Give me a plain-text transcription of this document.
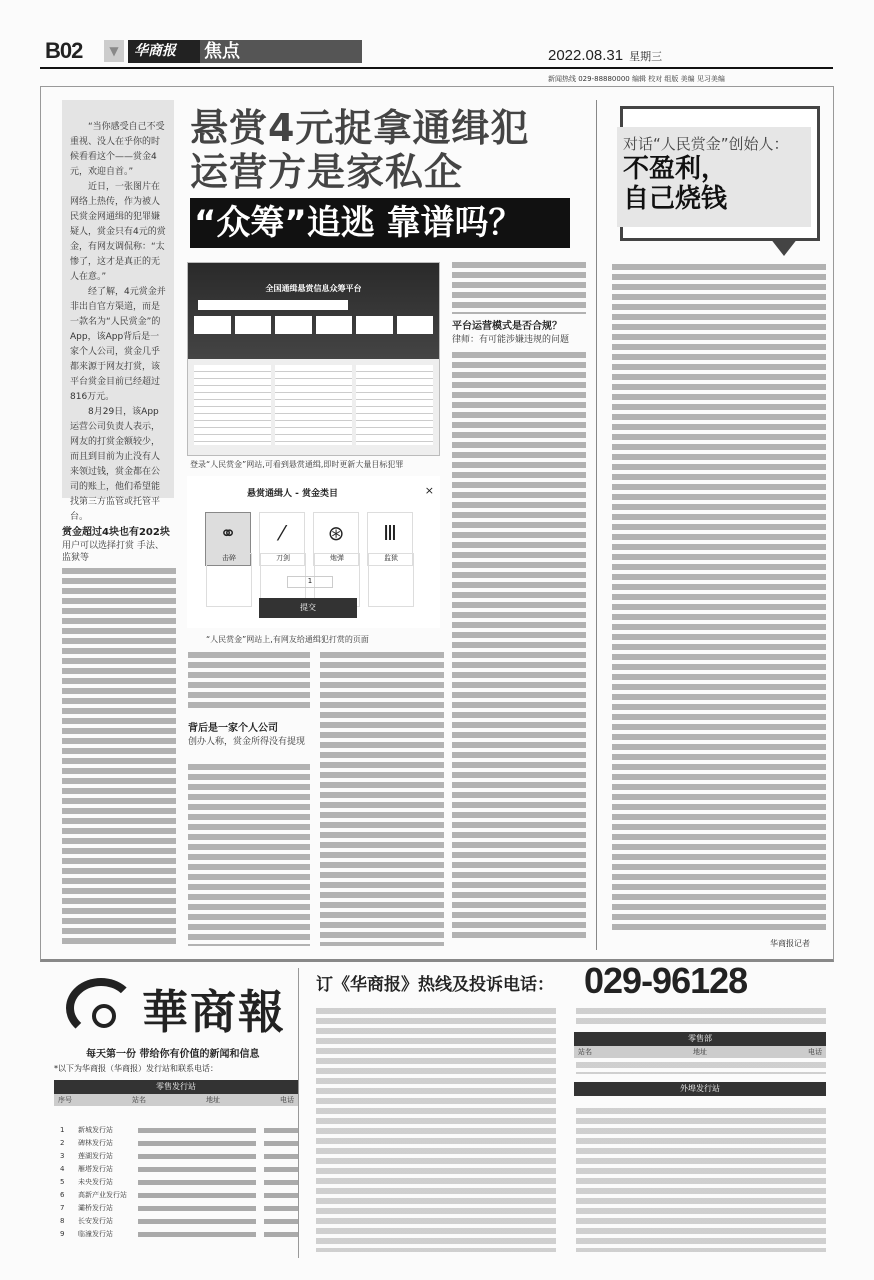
B02	▼	华商报	焦点	2022.08.31 星期三
新闻热线 029-88880000 编辑 校对 组版 美编 见习美编

“当你感受自己不受重视、没人在乎你的时候看看这个——赏金4元，欢迎自首。”

近日，一张图片在网络上热传，作为被人民赏金网通缉的犯罪嫌疑人，赏金只有4元的赏金，有网友调侃称：“太惨了，这才是真正的无人在意。”

经了解，4元赏金并非出自官方渠道，而是一款名为“人民赏金”的App，该App背后是一家个人公司，赏金几乎都来源于网友打赏，该平台赏金目前已经超过816万元。

8月29日，该App运营公司负责人表示，网友的打赏金额较少，而且到目前为止没有人来领过钱，赏金都在公司的账上，他们希望能找第三方监管或托管平台。

悬赏4元捉拿通缉犯
运营方是家私企
“众筹”追逃 靠谱吗？
全国通缉悬赏信息众筹平台
登录“人民赏金”网站,可看到悬赏通缉,即时更新大量目标犯罪
悬赏通缉人 - 赏金类目	×
⚭
击碎
⁄
刀剑
⊛
炮弹
Ⅲ
监狱
1
提交
“人民赏金”网站上,有网友给通缉犯打赏的页面
平台运营模式是否合规？
律师：有可能涉嫌违规的问题
赏金超过4块也有202块
用户可以选择打赏 手法、监狱等
背后是一家个人公司
创办人称，赏金所得没有提现
对话“人民赏金”创始人：
不盈利，
自己烧钱
华商报记者
華商報
每天第一份 带给你有价值的新闻和信息
*以下为华商报（华商报）发行站和联系电话：
零售发行站
序号	站名	地址	电话
1	新城发行站
2	碑林发行站
3	莲湖发行站
4	雁塔发行站
5	未央发行站
6	高新产业发行站
7	灞桥发行站
8	长安发行站
9	临潼发行站
订《华商报》热线及投诉电话： 029-96128
零售部
站名	地址	电话
外埠发行站
